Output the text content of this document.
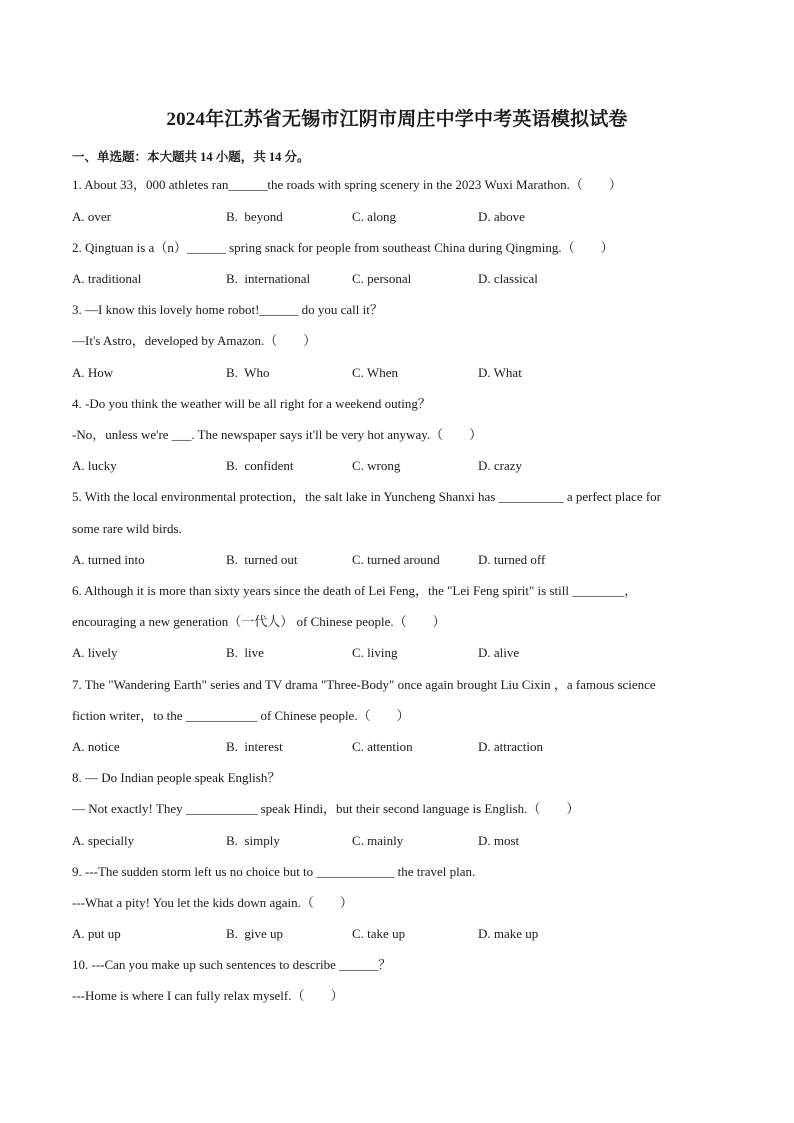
2024年江苏省无锡市江阴市周庄中学中考英语模拟试卷
一、单选题：本大题共 14 小题，共 14 分。
1. About 33，000 athletes ran______the roads with spring scenery in the 2023 Wuxi Marathon.（　　）
A. over	B.  beyond	C. along	D. above
2. Qingtuan is a（n）______ spring snack for people from southeast China during Qingming.（　　）
A. traditional	B.  international	C. personal	D. classical
3. —I know this lovely home robot!______ do you call it？
—It's Astro，developed by Amazon.（　　）
A. How	B.  Who	C. When	D. What
4. -Do you think the weather will be all right for a weekend outing？
-No，unless we're ___. The newspaper says it'll be very hot anyway.（　　）
A. lucky	B.  confident	C. wrong	D. crazy
5. With the local environmental protection，the salt lake in Yuncheng Shanxi has __________ a perfect place for
some rare wild birds.
A. turned into	B.  turned out	C. turned around	D. turned off
6. Although it is more than sixty years since the death of Lei Feng，the "Lei Feng spirit" is still ________，
encouraging a new generation（一代人） of Chinese people.（　　）
A. lively	B.  live	C. living	D. alive
7. The "Wandering Earth" series and TV drama "Three-Body" once again brought Liu Cixin ，a famous science
fiction writer，to the ___________ of Chinese people.（　　）
A. notice	B.  interest	C. attention	D. attraction
8. — Do Indian people speak English？
— Not exactly! They ___________ speak Hindi，but their second language is English.（　　）
A. specially	B.  simply	C. mainly	D. most
9. ---The sudden storm left us no choice but to ____________ the travel plan.
---What a pity! You let the kids down again.（　　）
A. put up	B.  give up	C. take up	D. make up
10. ---Can you make up such sentences to describe ______？
---Home is where I can fully relax myself.（　　）
